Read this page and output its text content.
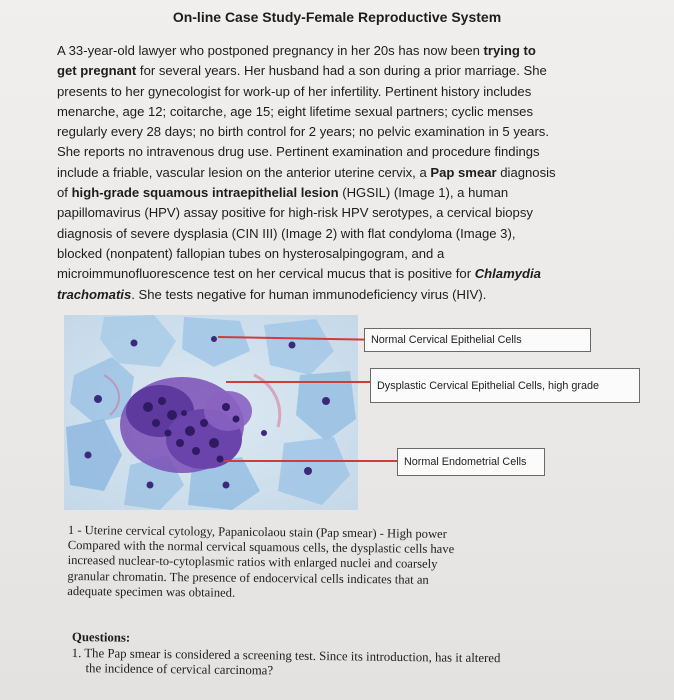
On-line Case Study-Female Reproductive System
A 33-year-old lawyer who postponed pregnancy in her 20s has now been trying to
get pregnant for several years. Her husband had a son during a prior marriage. She
presents to her gynecologist for work-up of her infertility. Pertinent history includes
menarche, age 12; coitarche, age 15; eight lifetime sexual partners; cyclic menses
regularly every 28 days; no birth control for 2 years; no pelvic examination in 5 years.
She reports no intravenous drug use. Pertinent examination and procedure findings
include a friable, vascular lesion on the anterior uterine cervix, a Pap smear diagnosis
of high-grade squamous intraepithelial lesion (HGSIL) (Image 1), a human
papillomavirus (HPV) assay positive for high-risk HPV serotypes, a cervical biopsy
diagnosis of severe dysplasia (CIN III) (Image 2) with flat condyloma (Image 3),
blocked (nonpatent) fallopian tubes on hysterosalpingogram, and a
microimmunofluorescence test on her cervical mucus that is positive for Chlamydia
trachomatis. She tests negative for human immunodeficiency virus (HIV).
Normal Cervical Epithelial Cells
Dysplastic Cervical Epithelial Cells, high grade
Normal Endometrial Cells
1 - Uterine cervical cytology, Papanicolaou stain (Pap smear) - High power
Compared with the normal cervical squamous cells, the dysplastic cells have
increased nuclear-to-cytoplasmic ratios with enlarged nuclei and coarsely
granular chromatin. The presence of endocervical cells indicates that an
adequate specimen was obtained.
Questions:
1. The Pap smear is considered a screening test. Since its introduction, has it altered
the incidence of cervical carcinoma?
